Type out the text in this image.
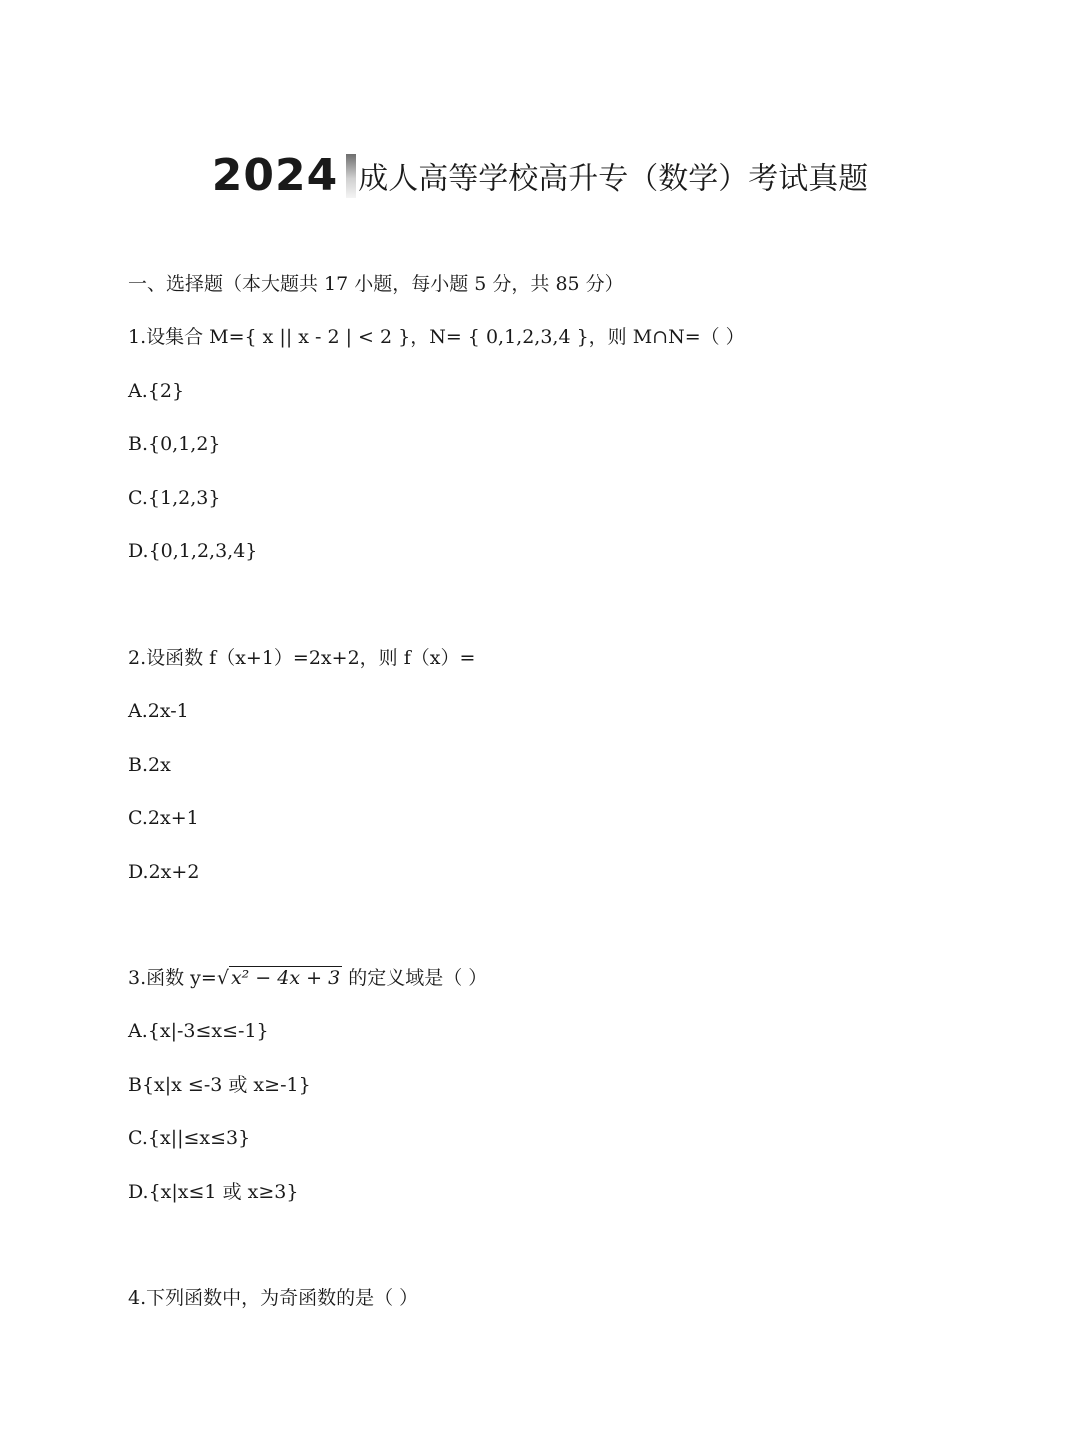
2024 成人高等学校高升专（数学）考试真题
一、选择题（本大题共 17 小题，每小题 5 分，共 85 分）
1.设集合 M={ x || x - 2 | < 2 }，N= { 0,1,2,3,4 }，则 M∩N=（ ）
A.{2}
B.{0,1,2}
C.{1,2,3}
D.{0,1,2,3,4}
2.设函数 f（x+1）=2x+2，则 f（x）=
A.2x-1
B.2x
C.2x+1
D.2x+2
3.函数 y=√ x² − 4x + 3 的定义域是（ ）
A.{x|-3≤x≤-1}
B{x|x ≤-3 或 x≥-1}
C.{x||≤x≤3}
D.{x|x≤1 或 x≥3}
4.下列函数中，为奇函数的是（ ）
